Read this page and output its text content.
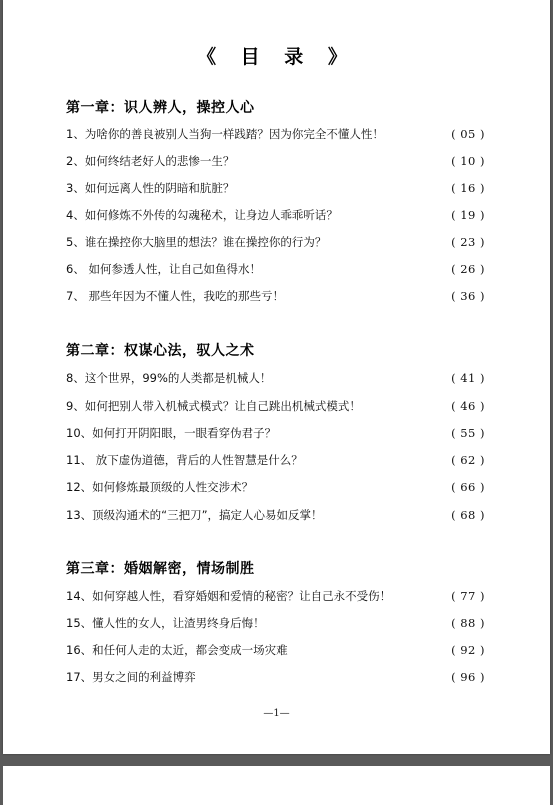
《 目 录 》
第一章：识人辨人，操控人心
1、为啥你的善良被别人当狗一样践踏？因为你完全不懂人性！	( 05 )
2、如何终结老好人的悲惨一生？	( 10 )
3、如何远离人性的阴暗和肮脏？	( 16 )
4、如何修炼不外传的勾魂秘术，让身边人乖乖听话？	( 19 )
5、谁在操控你大脑里的想法？谁在操控你的行为？	( 23 )
6、 如何参透人性，让自己如鱼得水！	( 26 )
7、 那些年因为不懂人性，我吃的那些亏！	( 36 )
第二章：权谋心法，驭人之术
8、这个世界，99%的人类都是机械人！	( 41 )
9、如何把别人带入机械式模式？让自己跳出机械式模式！	( 46 )
10、如何打开阴阳眼，一眼看穿伪君子？	( 55 )
11、 放下虚伪道德，背后的人性智慧是什么？	( 62 )
12、如何修炼最顶级的人性交涉术？	( 66 )
13、顶级沟通术的“三把刀”，搞定人心易如反掌！	( 68 )
第三章：婚姻解密，情场制胜
14、如何穿越人性，看穿婚姻和爱情的秘密？让自己永不受伤！	( 77 )
15、懂人性的女人，让渣男终身后悔！	( 88 )
16、和任何人走的太近，都会变成一场灾难	( 92 )
17、男女之间的利益博弈	( 96 )
—1—
